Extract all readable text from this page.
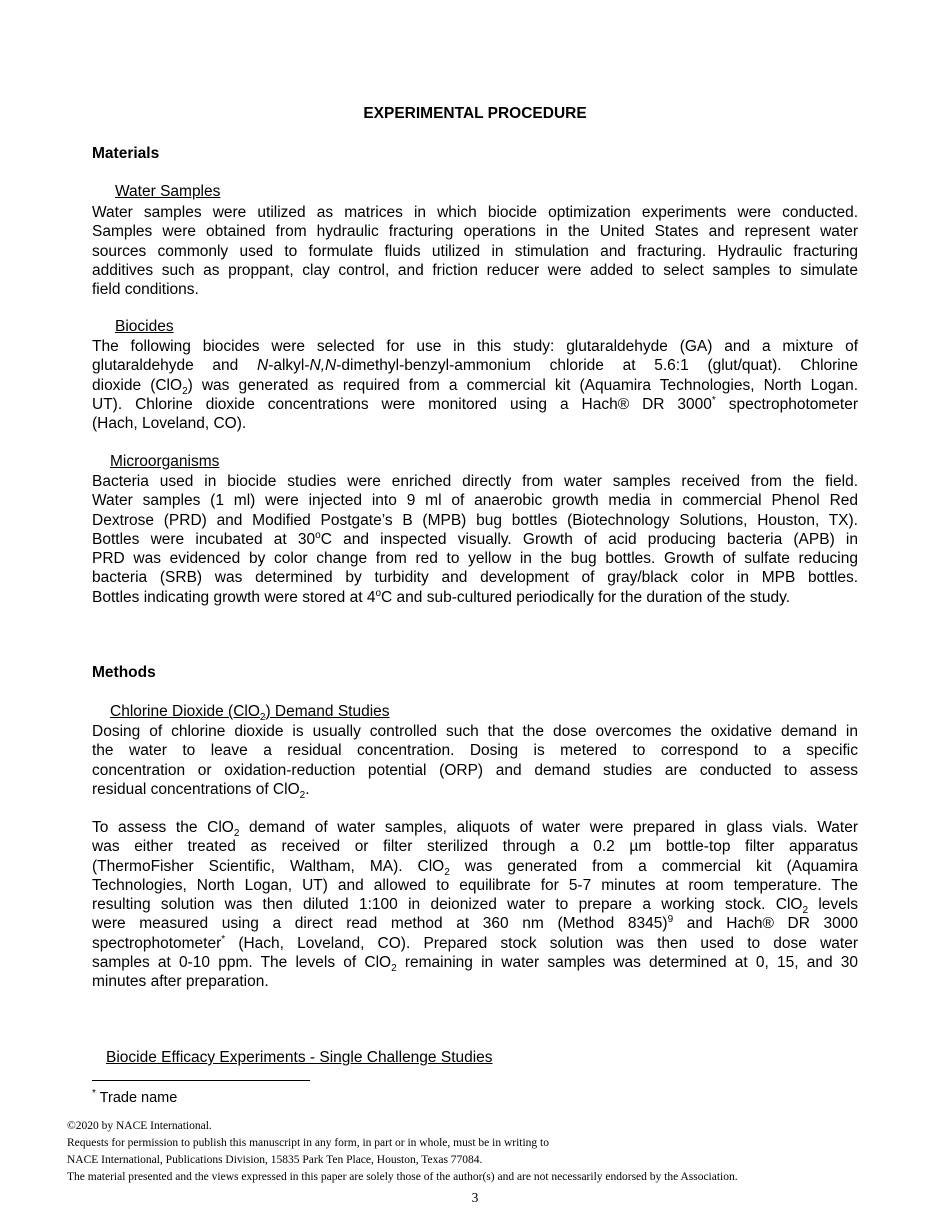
EXPERIMENTAL PROCEDURE
Materials
Water Samples
Water samples were utilized as matrices in which biocide optimization experiments were conducted.
Samples were obtained from hydraulic fracturing operations in the United States and represent water
sources commonly used to formulate fluids utilized in stimulation and fracturing. Hydraulic fracturing
additives such as proppant, clay control, and friction reducer were added to select samples to simulate
field conditions.
Biocides
The following biocides were selected for use in this study: glutaraldehyde (GA) and a mixture of
glutaraldehyde and N-alkyl-N,N-dimethyl-benzyl-ammonium chloride at 5.6:1 (glut/quat). Chlorine
dioxide (ClO$_2$) was generated as required from a commercial kit (Aquamira Technologies, North Logan.
UT). Chlorine dioxide concentrations were monitored using a Hach® DR 3000* spectrophotometer
(Hach, Loveland, CO).
Microorganisms
Bacteria used in biocide studies were enriched directly from water samples received from the field.
Water samples (1 ml) were injected into 9 ml of anaerobic growth media in commercial Phenol Red
Dextrose (PRD) and Modified Postgate’s B (MPB) bug bottles (Biotechnology Solutions, Houston, TX).
Bottles were incubated at 30$^o$C and inspected visually. Growth of acid producing bacteria (APB) in
PRD was evidenced by color change from red to yellow in the bug bottles. Growth of sulfate reducing
bacteria (SRB) was determined by turbidity and development of gray/black color in MPB bottles.
Bottles indicating growth were stored at 4$^o$C and sub-cultured periodically for the duration of the study.
Methods
Chlorine Dioxide (ClO$_2$) Demand Studies
Dosing of chlorine dioxide is usually controlled such that the dose overcomes the oxidative demand in
the water to leave a residual concentration. Dosing is metered to correspond to a specific
concentration or oxidation-reduction potential (ORP) and demand studies are conducted to assess
residual concentrations of ClO$_2$.
To assess the ClO$_2$ demand of water samples, aliquots of water were prepared in glass vials. Water
was either treated as received or filter sterilized through a 0.2 µm bottle-top filter apparatus
(ThermoFisher Scientific, Waltham, MA). ClO$_2$ was generated from a commercial kit (Aquamira
Technologies, North Logan, UT) and allowed to equilibrate for 5-7 minutes at room temperature. The
resulting solution was then diluted 1:100 in deionized water to prepare a working stock. ClO$_2$ levels
were measured using a direct read method at 360 nm (Method 8345)$^9$ and Hach® DR 3000
spectrophotometer* (Hach, Loveland, CO). Prepared stock solution was then used to dose water
samples at 0-10 ppm. The levels of ClO$_2$ remaining in water samples was determined at 0, 15, and 30
minutes after preparation.
Biocide Efficacy Experiments - Single Challenge Studies
* Trade name
©2020 by NACE International.
Requests for permission to publish this manuscript in any form, in part or in whole, must be in writing to
NACE International, Publications Division, 15835 Park Ten Place, Houston, Texas 77084.
The material presented and the views expressed in this paper are solely those of the author(s) and are not necessarily endorsed by the Association.
3
